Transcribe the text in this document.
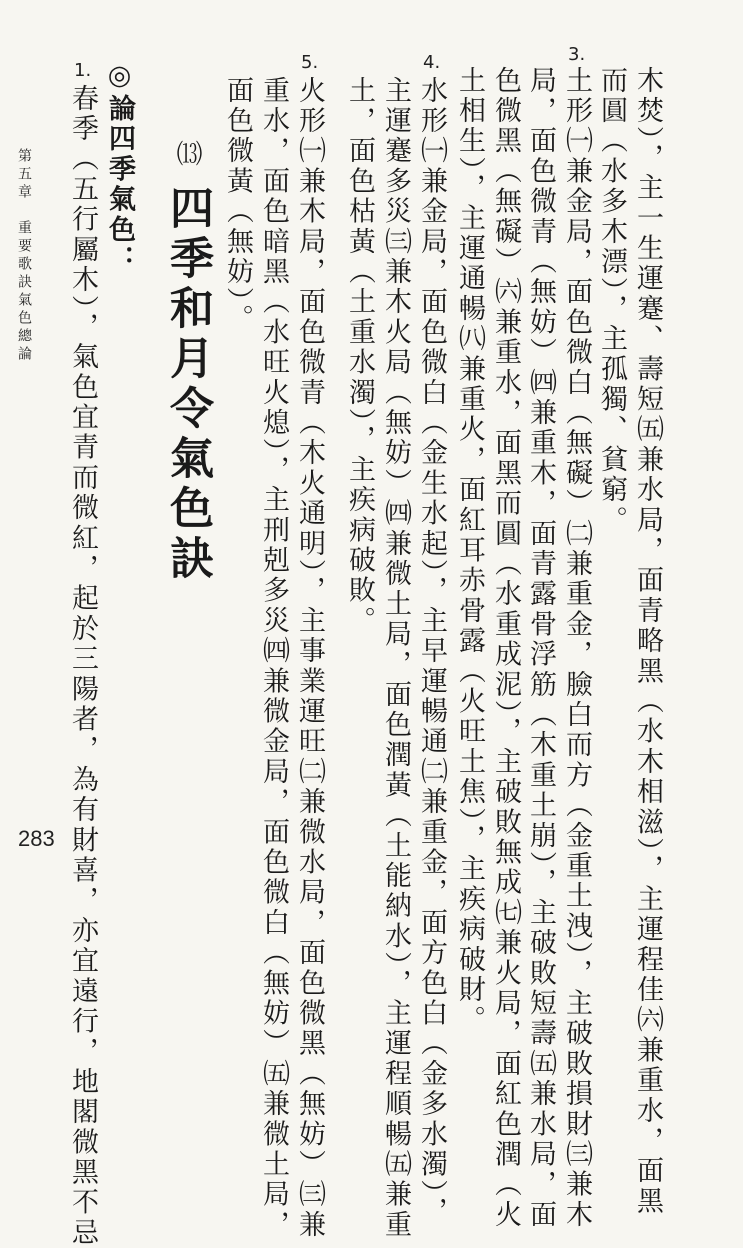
木焚），主一生運蹇、壽短㈤兼水局，面青略黑（水木相滋），主運程佳㈥兼重水，面黑
而圓（水多木漂），主孤獨、貧窮。
3.
土形㈠兼金局，面色微白（無礙）㈡兼重金，臉白而方（金重土洩），主破敗損財㈢兼木
局，面色微青（無妨）㈣兼重木，面青露骨浮筋（木重土崩），主破敗短壽㈤兼水局，面
色微黑（無礙）㈥兼重水，面黑而圓（水重成泥），主破敗無成㈦兼火局，面紅色潤（火
土相生），主運通暢㈧兼重火，面紅耳赤骨露（火旺土焦），主疾病破財。
4.
水形㈠兼金局，面色微白（金生水起），主早運暢通㈡兼重金，面方色白（金多水濁），
主運蹇多災㈢兼木火局（無妨）㈣兼微土局，面色潤黃（土能納水），主運程順暢㈤兼重
土，面色枯黃（土重水濁），主疾病破敗。
5.
火形㈠兼木局，面色微青（木火通明），主事業運旺㈡兼微水局，面色微黑（無妨）㈢兼
重水，面色暗黑（水旺火熄），主刑剋多災㈣兼微金局，面色微白（無妨）㈤兼微土局，
面色微黃（無妨）。
⒀ 四季和月令氣色訣
◎論四季氣色：
1.
春季（五行屬木），氣色宜青而微紅，起於三陽者，為有財喜，亦宜遠行，地閣微黑不忌
第五章　重要歌訣氣色總論
283
